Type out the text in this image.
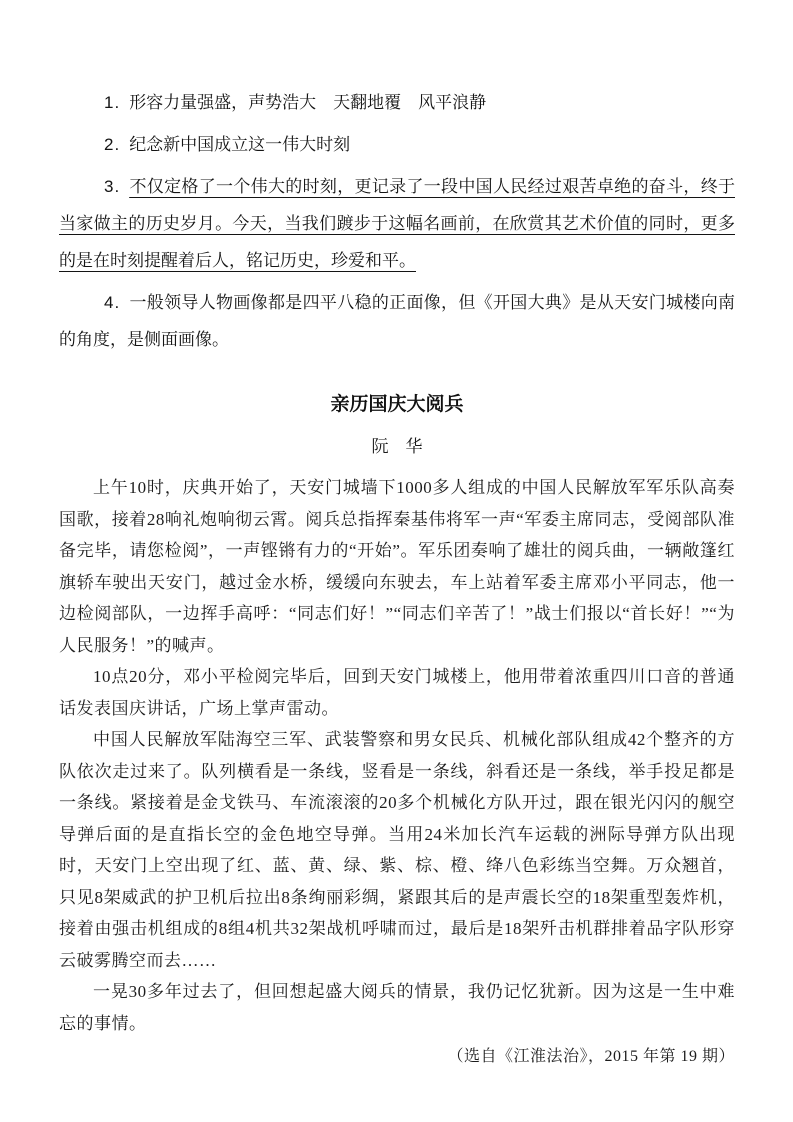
1. 形容力量强盛，声势浩大　天翻地覆　风平浪静

2. 纪念新中国成立这一伟大时刻

3. 不仅定格了一个伟大的时刻，更记录了一段中国人民经过艰苦卓绝的奋斗，终于当家做主的历史岁月。今天，当我们踱步于这幅名画前，在欣赏其艺术价值的同时，更多的是在时刻提醒着后人，铭记历史，珍爱和平。

4. 一般领导人物画像都是四平八稳的正面像，但《开国大典》是从天安门城楼向南的角度，是侧面画像。

亲历国庆大阅兵
阮　华

上午10时，庆典开始了，天安门城墙下1000多人组成的中国人民解放军军乐队高奏国歌，接着28响礼炮响彻云霄。阅兵总指挥秦基伟将军一声“军委主席同志，受阅部队准备完毕，请您检阅”，一声铿锵有力的“开始”。军乐团奏响了雄壮的阅兵曲，一辆敞篷红旗轿车驶出天安门，越过金水桥，缓缓向东驶去，车上站着军委主席邓小平同志，他一边检阅部队，一边挥手高呼：“同志们好！”“同志们辛苦了！”战士们报以“首长好！”“为人民服务！”的喊声。

10点20分，邓小平检阅完毕后，回到天安门城楼上，他用带着浓重四川口音的普通话发表国庆讲话，广场上掌声雷动。

中国人民解放军陆海空三军、武装警察和男女民兵、机械化部队组成42个整齐的方队依次走过来了。队列横看是一条线，竖看是一条线，斜看还是一条线，举手投足都是一条线。紧接着是金戈铁马、车流滚滚的20多个机械化方队开过，跟在银光闪闪的舰空导弹后面的是直指长空的金色地空导弹。当用24米加长汽车运载的洲际导弹方队出现时，天安门上空出现了红、蓝、黄、绿、紫、棕、橙、绛八色彩练当空舞。万众翘首，只见8架威武的护卫机后拉出8条绚丽彩绸，紧跟其后的是声震长空的18架重型轰炸机，接着由强击机组成的8组4机共32架战机呼啸而过，最后是18架歼击机群排着品字队形穿云破雾腾空而去……

一晃30多年过去了，但回想起盛大阅兵的情景，我仍记忆犹新。因为这是一生中难忘的事情。

（选自《江淮法治》，2015 年第 19 期）
